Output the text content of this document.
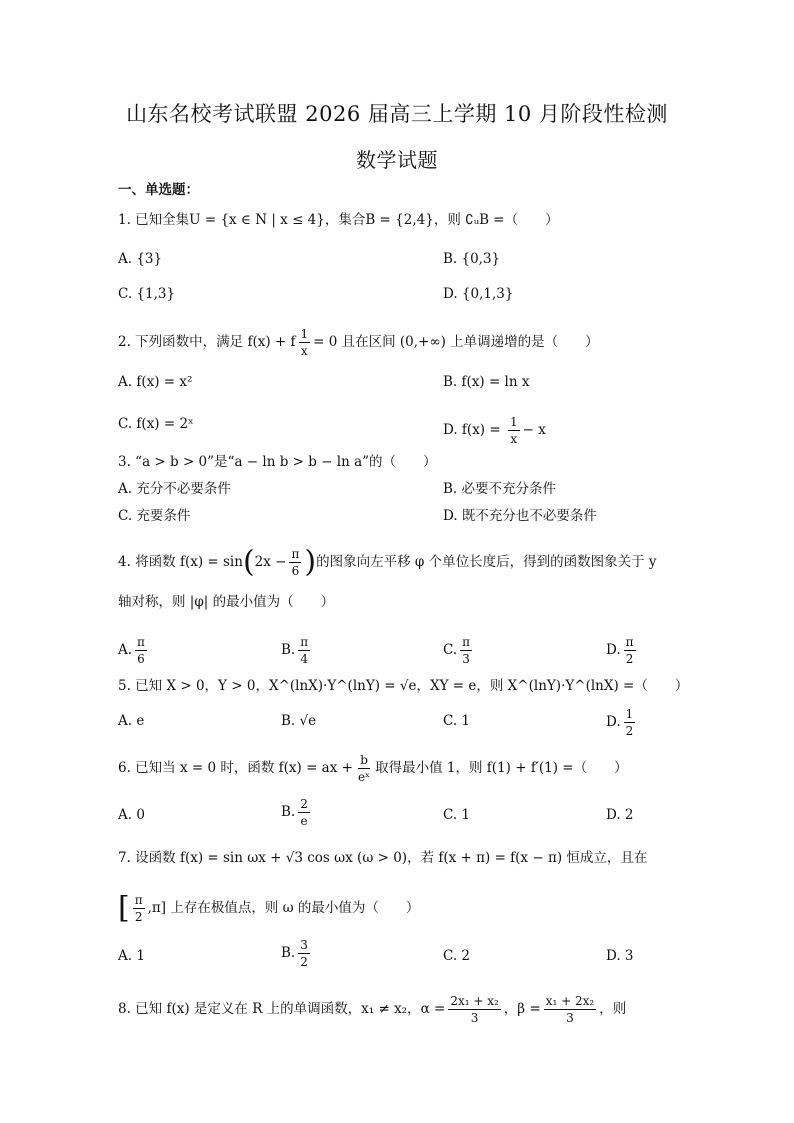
山东名校考试联盟 2026 届高三上学期 10 月阶段性检测
数学试题
一、单选题：
1. 已知全集U = {x ∈ N | x ≤ 4}，集合B = {2,4}，则 ∁ᵤB =（　　）
A. {3}	B. {0,3}
C. {1,3}	D. {0,1,3}
2. 下列函数中，满足 f(x) + f $\frac{1}{x} = 0$ 且在区间 (0,+∞) 上单调递增的是（　　）
A. f(x) = x²	B. f(x) = ln x
C. f(x) = 2ˣ	D. $f(x) = \frac{1}{x} - x$
3. “a > b > 0”是“a − ln b > b − ln a”的（　　）
A. 充分不必要条件	B. 必要不充分条件
C. 充要条件	D. 既不充分也不必要条件
4. 将函数 $f(x) = \sin(2x - \frac{\pi}{6}$ )的图象向左平移 φ 个单位长度后，得到的函数图象关于 y
轴对称，则 |φ| 的最小值为（　　）
A. $\frac{\pi}{6}$	B. $\frac{\pi}{4}$	C. $\frac{\pi}{3}$	D. $\frac{\pi}{2}$
5. 已知 X > 0，Y > 0，X^(lnX)·Y^(lnY) = √e，XY = e，则 X^(lnY)·Y^(lnX) =（　　）
A. e	B. √e	C. 1	D. $\frac{1}{2}$
6. 已知当 x = 0 时，函数 f(x) = ax + $\frac{b}{\text{eˣ}}$ 取得最小值 1，则 f(1) + f′(1) =（　　）
A. 0	B. $\frac{2}{e}$	C. 1	D. 2
7. 设函数 f(x) = sin ωx + √3 cos ωx (ω > 0)，若 f(x + π) = f(x − π) 恒成立，且在
[ $\frac{\pi}{2} ,\pi$] 上存在极值点，则 ω 的最小值为（　　）
A. 1	B. $\frac{3}{2}$	C. 2	D. 3
8. 已知 f(x) 是定义在 R 上的单调函数，x₁ ≠ x₂，$\alpha = \frac{\text{2x₁ + x₂}}{3}$ ，$\beta = \frac{\text{x₁ + 2x₂}}{3}$ ，则
